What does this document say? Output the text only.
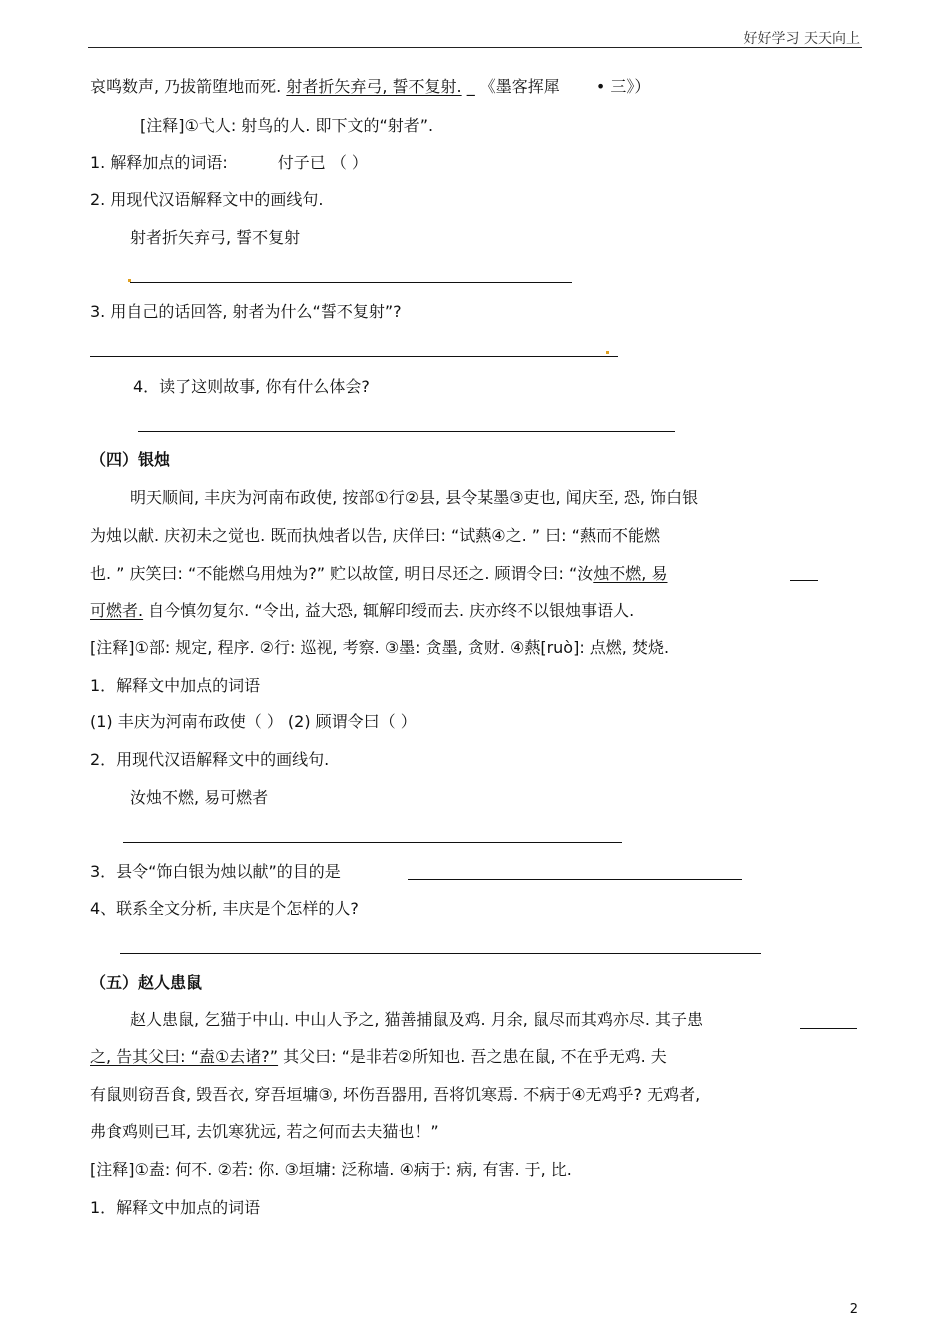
好好学习 天天向上
哀鸣数声, 乃拔箭堕地而死. 射者折矢弃弓, 誓不复射. _ 《墨客挥犀 • 三》）
[注释]①弋人: 射鸟的人. 即下文的“射者”.
1. 解释加点的词语:	付子已 （ ）
2. 用现代汉语解释文中的画线句.
射者折矢弃弓, 誓不复射
3. 用自己的话回答, 射者为什么“誓不复射”?
4．读了这则故事, 你有什么体会?
（四）银烛
明天顺间, 丰庆为河南布政使, 按部①行②县, 县令某墨③吏也, 闻庆至, 恐, 饰白银
为烛以献. 庆初未之觉也. 既而执烛者以告, 庆佯曰: “试爇④之. ” 曰: “爇而不能燃
也. ” 庆笑曰: “不能燃乌用烛为?” 贮以故筐, 明日尽还之. 顾谓令曰: “汝烛不燃, 易
可燃者. 自今慎勿复尔. “令出, 益大恐, 辄解印绶而去. 庆亦终不以银烛事语人.
[注释]①部: 规定, 程序. ②行: 巡视, 考察. ③墨: 贪墨, 贪财. ④爇[ruò]: 点燃, 焚烧.
1．解释文中加点的词语
(1) 丰庆为河南布政使（ ） (2) 顾谓令曰（ ）
2．用现代汉语解释文中的画线句.
汝烛不燃, 易可燃者
3．县令“饰白银为烛以献”的目的是
4、联系全文分析, 丰庆是个怎样的人?
（五）赵人患鼠
赵人患鼠, 乞猫于中山. 中山人予之, 猫善捕鼠及鸡. 月余, 鼠尽而其鸡亦尽. 其子患
之, 告其父曰: “盍①去诸?” 其父曰: “是非若②所知也. 吾之患在鼠, 不在乎无鸡. 夫
有鼠则窃吾食, 毁吾衣, 穿吾垣墉③, 坏伤吾器用, 吾将饥寒焉. 不病于④无鸡乎? 无鸡者,
弗食鸡则已耳, 去饥寒犹远, 若之何而去夫猫也！”
[注释]①盍: 何不. ②若: 你. ③垣墉: 泛称墙. ④病于: 病, 有害. 于, 比.
1．解释文中加点的词语
2
